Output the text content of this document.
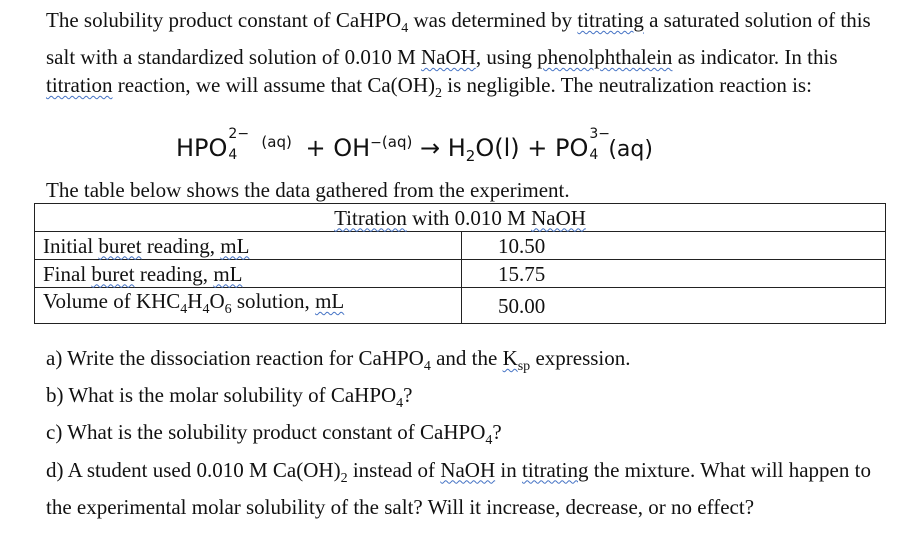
The solubility product constant of CaHPO$_4$ was determined by titrating a saturated solution of this salt with a standardized solution of 0.010 M NaOH, using phenolphthalein as indicator. In this titration reaction, we will assume that $Ca(OH)_2$ is negligible. The neutralization reaction is:

HPO 2−
4
$^{(aq)} + OH^{-(aq)} \to H_2O(l)$ + PO 3−
4 (aq)
The table below shows the data gathered from the experiment.
Titration with 0.010 M NaOH	
Initial buret reading, mL	10.50
Final buret reading, mL	15.75
Volume of $KHC_4H_4O_6$ solution, mL	50.00

a) Write the dissociation reaction for CaHPO$_4$ and the $K_{sp}$ expression.

b) What is the molar solubility of CaHPO$_4$?

c) What is the solubility product constant of CaHPO$_4$?

d) A student used 0.010 M $Ca(OH)_2$ instead of NaOH in titrating the mixture. What will happen to the experimental molar solubility of the salt? Will it increase, decrease, or no effect?
